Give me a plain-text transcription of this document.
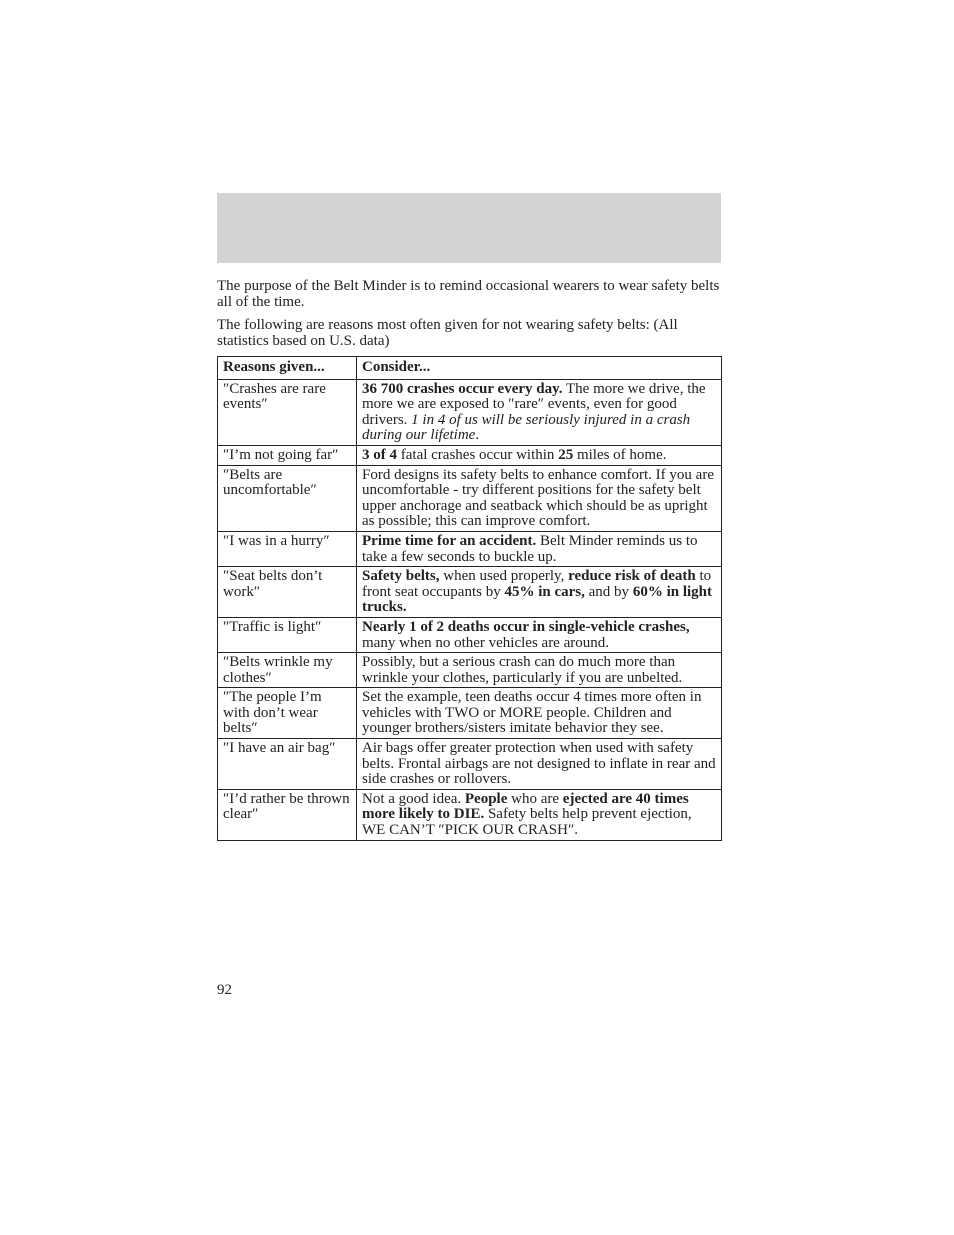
The purpose of the Belt Minder is to remind occasional wearers to wear safety belts all of the time.

The following are reasons most often given for not wearing safety belts: (All statistics based on U.S. data)

Reasons given...	Consider...
″Crashes are rare events″	36 700 crashes occur every day. The more we drive, the more we are exposed to ″rare″ events, even for good drivers. 1 in 4 of us will be seriously injured in a crash during our lifetime.
″I’m not going far″	3 of 4 fatal crashes occur within 25 miles of home.
″Belts are uncomfortable″	Ford designs its safety belts to enhance comfort. If you are uncomfortable - try different positions for the safety belt upper anchorage and seatback which should be as upright as possible; this can improve comfort.
″I was in a hurry″	Prime time for an accident. Belt Minder reminds us to take a few seconds to buckle up.
″Seat belts don’t work″	Safety belts, when used properly, reduce risk of death to front seat occupants by 45% in cars, and by 60% in light trucks.
″Traffic is light″	Nearly 1 of 2 deaths occur in single-vehicle crashes, many when no other vehicles are around.
″Belts wrinkle my clothes″	Possibly, but a serious crash can do much more than wrinkle your clothes, particularly if you are unbelted.
″The people I’m with don’t wear belts″	Set the example, teen deaths occur 4 times more often in vehicles with TWO or MORE people. Children and younger brothers/sisters imitate behavior they see.
″I have an air bag″	Air bags offer greater protection when used with safety belts. Frontal airbags are not designed to inflate in rear and side crashes or rollovers.
″I’d rather be thrown clear″	Not a good idea. People who are ejected are 40 times more likely to DIE. Safety belts help prevent ejection, WE CAN’T ″PICK OUR CRASH″.
92
